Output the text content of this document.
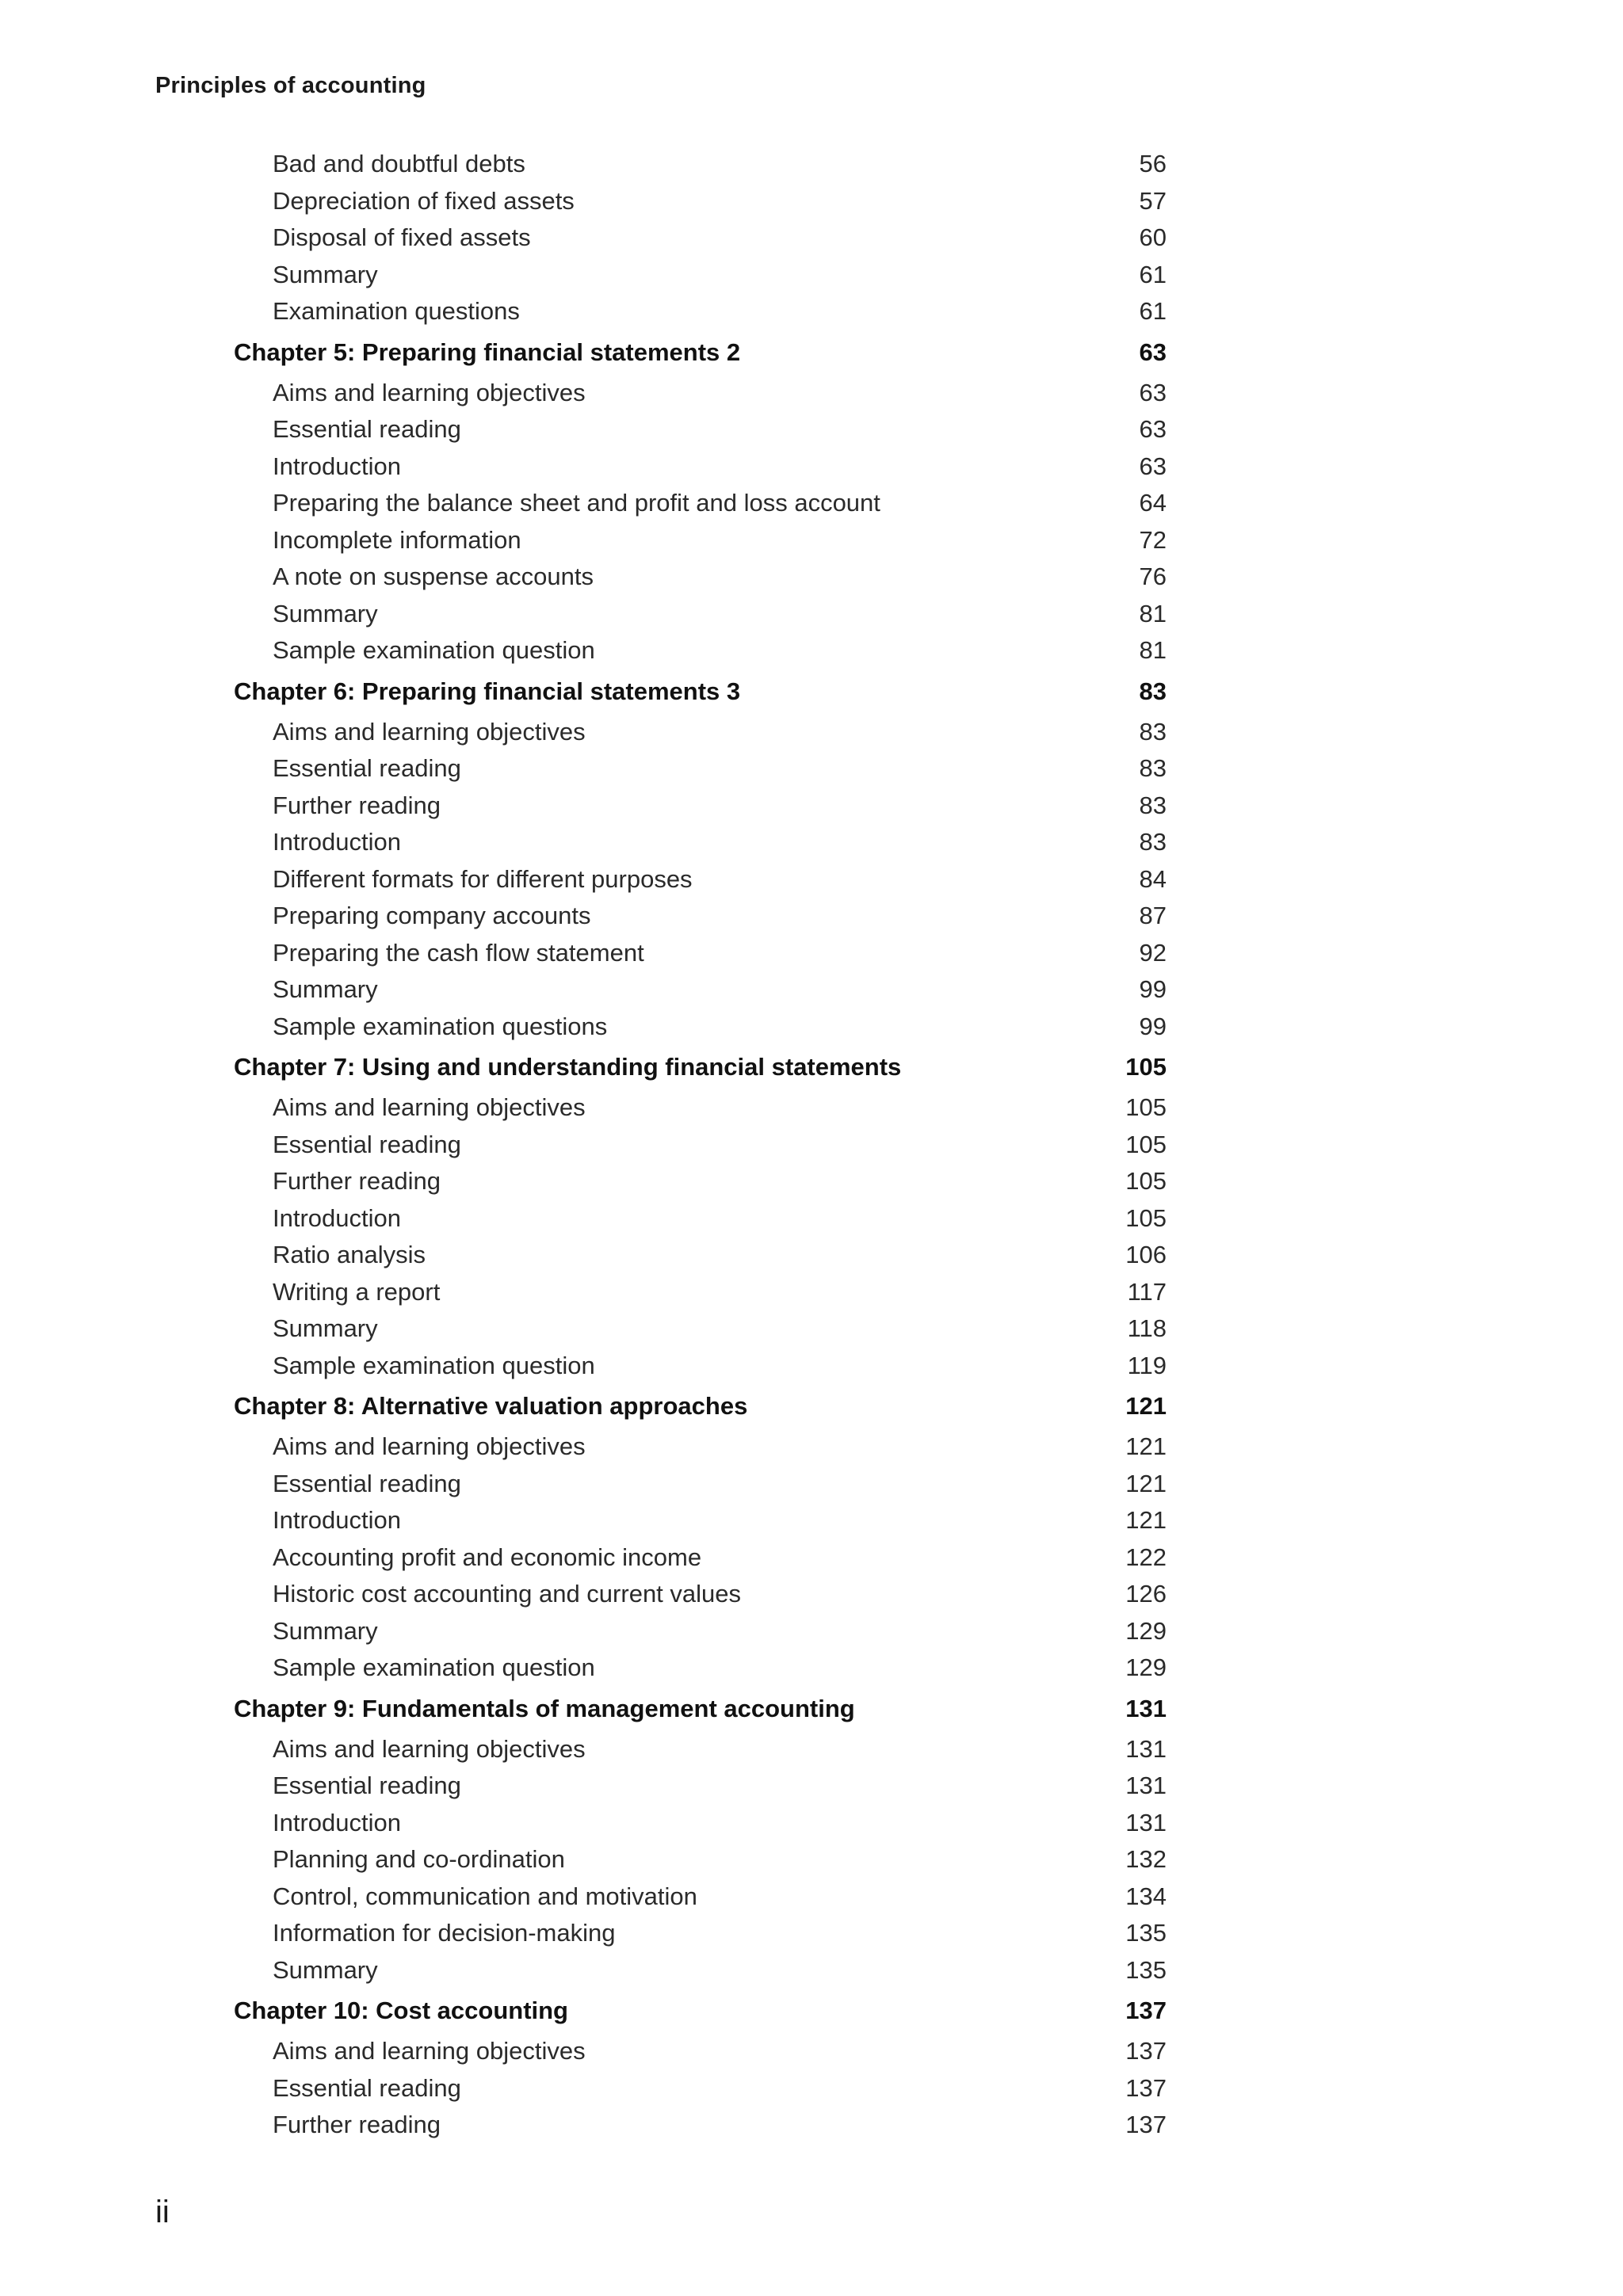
Principles of accounting
Bad and doubtful debts	56
Depreciation of fixed assets	57
Disposal of fixed assets	60
Summary	61
Examination questions	61
Chapter 5: Preparing financial statements 2	63
Aims and learning objectives	63
Essential reading	63
Introduction	63
Preparing the balance sheet and profit and loss account	64
Incomplete information	72
A note on suspense accounts	76
Summary	81
Sample examination question	81
Chapter 6: Preparing financial statements 3	83
Aims and learning objectives	83
Essential reading	83
Further reading	83
Introduction	83
Different formats for different purposes	84
Preparing company accounts	87
Preparing the cash flow statement	92
Summary	99
Sample examination questions	99
Chapter 7: Using and understanding financial statements	105
Aims and learning objectives	105
Essential reading	105
Further reading	105
Introduction	105
Ratio analysis	106
Writing a report	117
Summary	118
Sample examination question	119
Chapter 8: Alternative valuation approaches	121
Aims and learning objectives	121
Essential reading	121
Introduction	121
Accounting profit and economic income	122
Historic cost accounting and current values	126
Summary	129
Sample examination question	129
Chapter 9: Fundamentals of management accounting	131
Aims and learning objectives	131
Essential reading	131
Introduction	131
Planning and co-ordination	132
Control, communication and motivation	134
Information for decision-making	135
Summary	135
Chapter 10: Cost accounting	137
Aims and learning objectives	137
Essential reading	137
Further reading	137
ii
